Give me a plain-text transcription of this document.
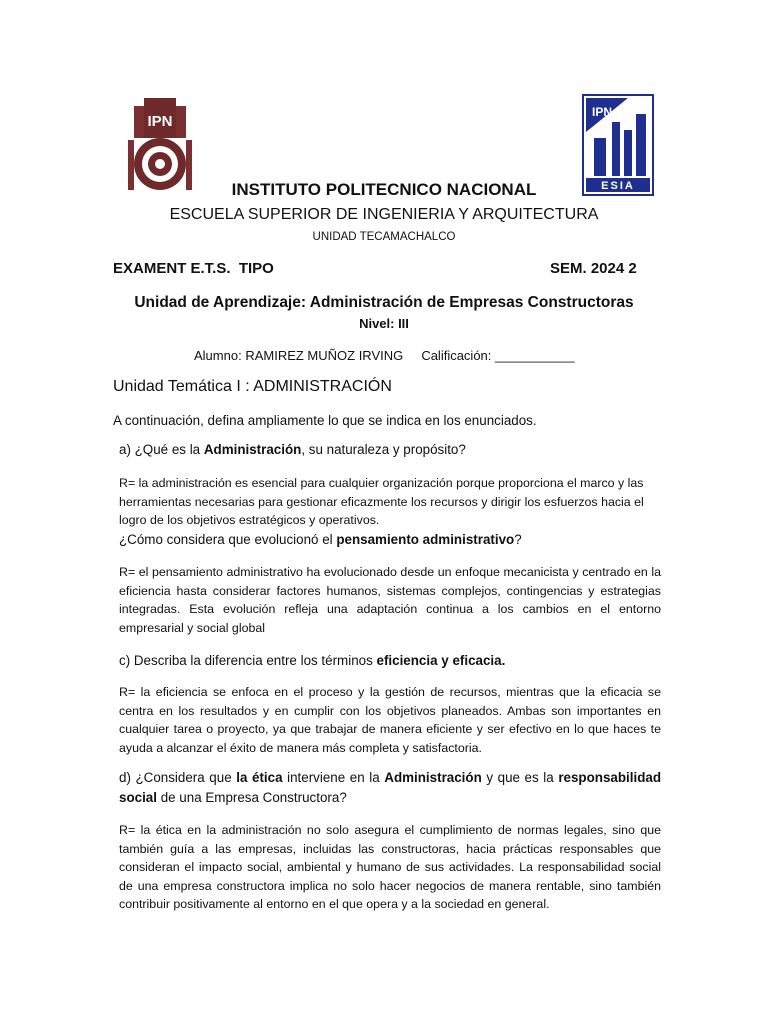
IPN
IPN
ESIA
INSTITUTO POLITECNICO NACIONAL
ESCUELA SUPERIOR DE INGENIERIA Y ARQUITECTURA
UNIDAD TECAMACHALCO
EXAMENT E.T.S.  TIPO	SEM. 2024 2
Unidad de Aprendizaje: Administración de Empresas Constructoras
Nivel: III
Alumno: RAMIREZ MUÑOZ IRVING Calificación: ___________
Unidad Temática I : ADMINISTRACIÓN
A continuación, defina ampliamente lo que se indica en los enunciados.
a) ¿Qué es la Administración, su naturaleza y propósito?
R= la administración es esencial para cualquier organización porque proporciona el marco y las herramientas necesarias para gestionar eficazmente los recursos y dirigir los esfuerzos hacia el logro de los objetivos estratégicos y operativos.
¿Cómo considera que evolucionó el pensamiento administrativo?
R= el pensamiento administrativo ha evolucionado desde un enfoque mecanicista y centrado en la eficiencia hasta considerar factores humanos, sistemas complejos, contingencias y estrategias integradas. Esta evolución refleja una adaptación continua a los cambios en el entorno empresarial y social global
c) Describa la diferencia entre los términos eficiencia y eficacia.
R= la eficiencia se enfoca en el proceso y la gestión de recursos, mientras que la eficacia se centra en los resultados y en cumplir con los objetivos planeados. Ambas son importantes en cualquier tarea o proyecto, ya que trabajar de manera eficiente y ser efectivo en lo que haces te ayuda a alcanzar el éxito de manera más completa y satisfactoria.
d) ¿Considera que la ética interviene en la Administración y que es la responsabilidad social de una Empresa Constructora?
R= la ética en la administración no solo asegura el cumplimiento de normas legales, sino que también guía a las empresas, incluidas las constructoras, hacia prácticas responsables que consideran el impacto social, ambiental y humano de sus actividades. La responsabilidad social de una empresa constructora implica no solo hacer negocios de manera rentable, sino también contribuir positivamente al entorno en el que opera y a la sociedad en general.
